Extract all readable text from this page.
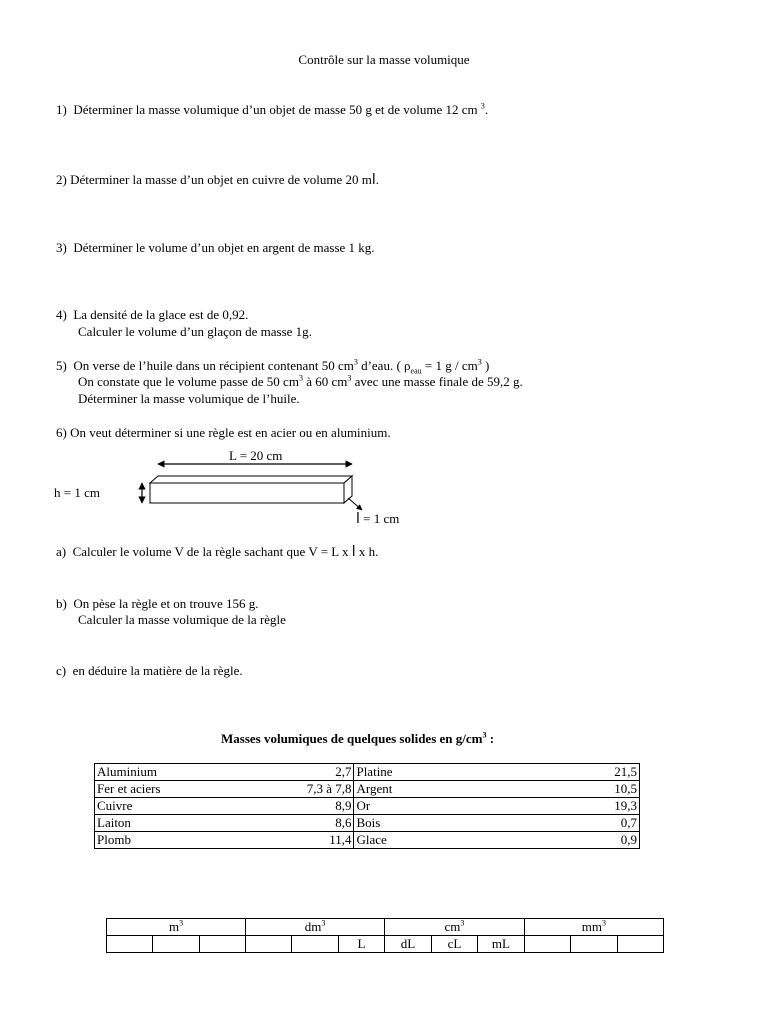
Contrôle sur la masse volumique
1)  Déterminer la masse volumique d’un objet de masse 50 g et de volume 12 cm $^3$.
2) Déterminer la masse d’un objet en cuivre de volume 20 ml.
3)  Déterminer le volume d’un objet en argent de masse 1 kg.
4)  La densité de la glace est de 0,92.
Calculer le volume d’un glaçon de masse 1g.
5)  On verse de l’huile dans un récipient contenant 50 $cm^3$ d’eau. ( $\rho_{eau} = 1$ g / $cm^3$ )
On constate que le volume passe de 50 $cm^3$ à 60 $cm^3$ avec une masse finale de 59,2 g.
Déterminer la masse volumique de l’huile.
6) On veut déterminer si une règle est en acier ou en aluminium.
L = 20 cm
h = 1 cm
l = 1 cm
a)  Calculer le volume V de la règle sachant que V = L x l x h.
b)  On pèse la règle et on trouve 156 g.
Calculer la masse volumique de la règle
c)  en déduire la matière de la règle.
Masses volumiques de quelques solides en $g/cm^3$ :
Aluminium	2,7	Platine	21,5
Fer et aciers	7,3 à 7,8	Argent	10,5
Cuivre	8,9	Or	19,3
Laiton	8,6	Bois	0,7
Plomb	11,4	Glace	0,9
$m^3$			$dm^3$			$cm^3$			$mm^3$
					L	dL	cL	mL			
